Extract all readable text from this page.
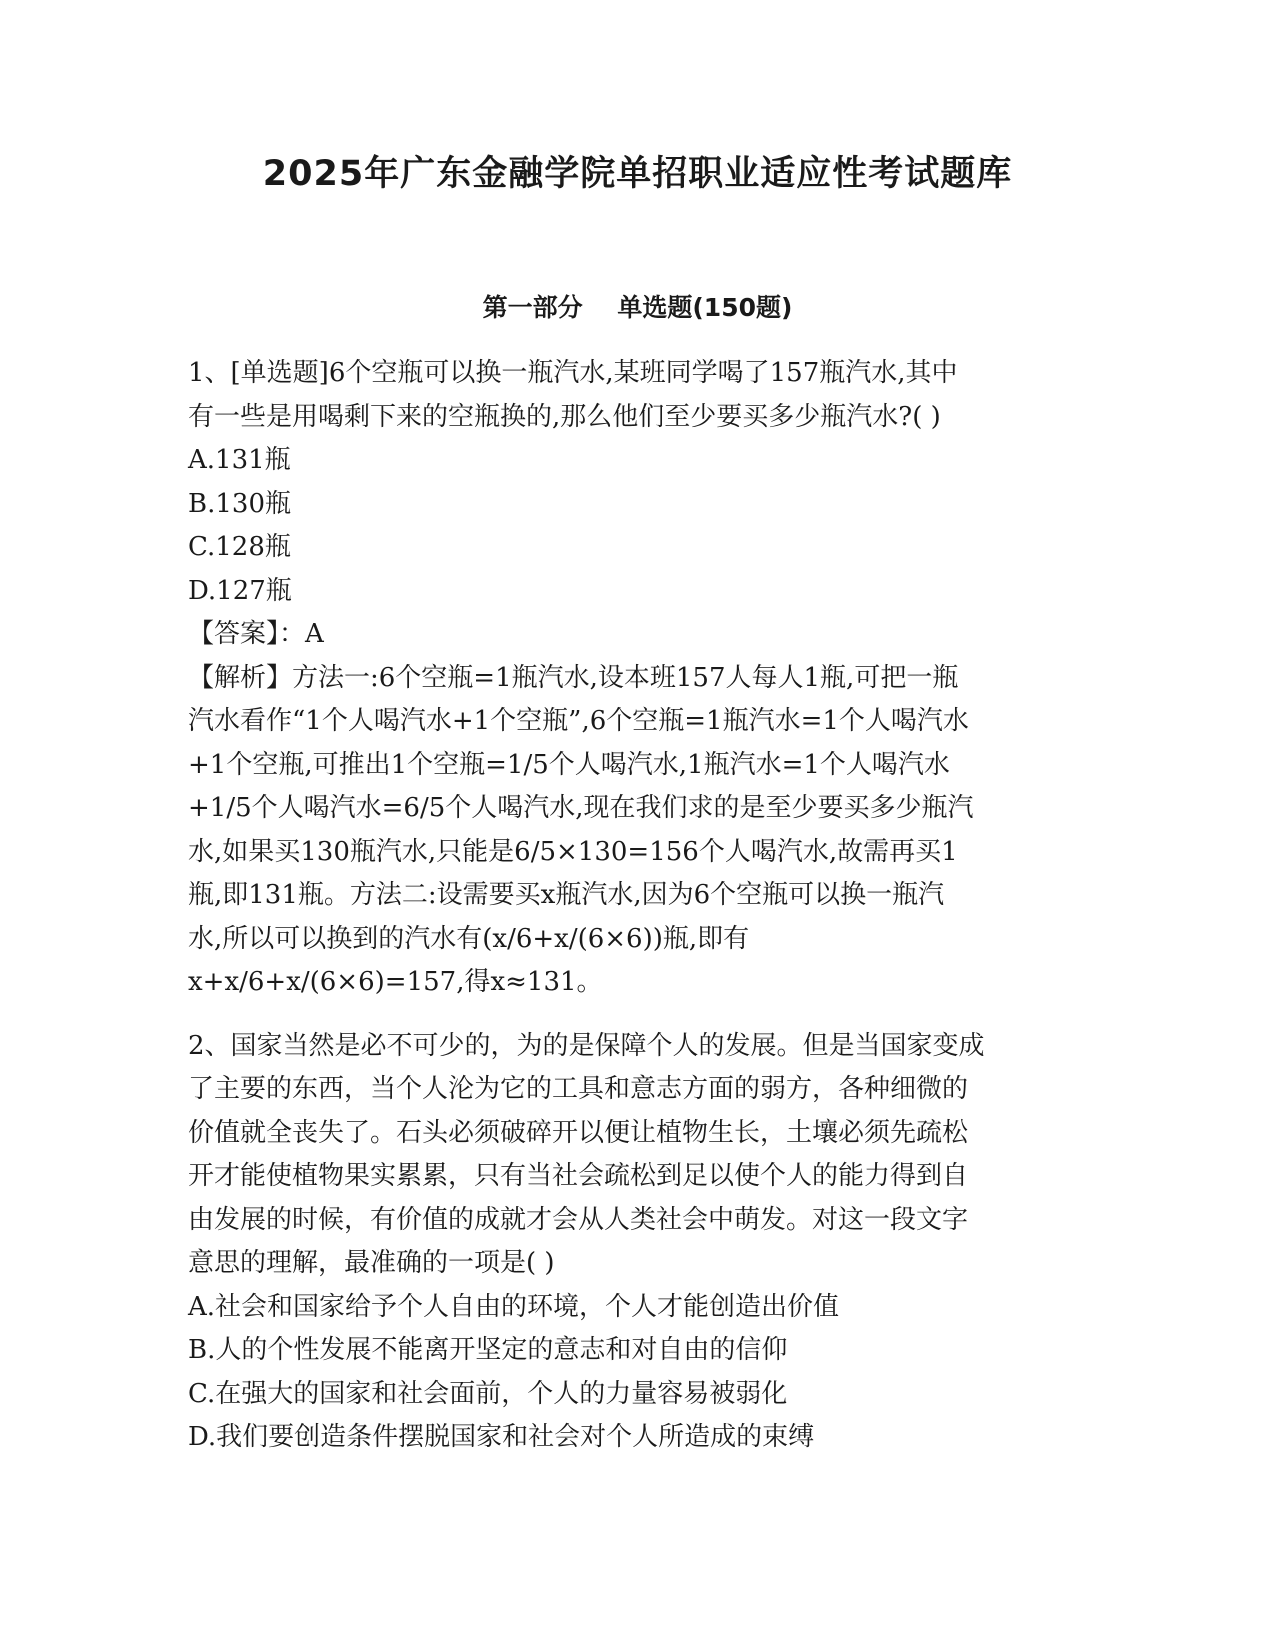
2025年广东金融学院单招职业适应性考试题库
第一部分    单选题(150题)
1、[单选题]6个空瓶可以换一瓶汽水,某班同学喝了157瓶汽水,其中
有一些是用喝剩下来的空瓶换的,那么他们至少要买多少瓶汽水?( )
A.131瓶
B.130瓶
C.128瓶
D.127瓶
【答案】：A
【解析】方法一:6个空瓶=1瓶汽水,设本班157人每人1瓶,可把一瓶
汽水看作“1个人喝汽水+1个空瓶”,6个空瓶=1瓶汽水=1个人喝汽水
+1个空瓶,可推出1个空瓶=1/5个人喝汽水,1瓶汽水=1个人喝汽水
+1/5个人喝汽水=6/5个人喝汽水,现在我们求的是至少要买多少瓶汽
水,如果买130瓶汽水,只能是6/5×130=156个人喝汽水,故需再买1
瓶,即131瓶。方法二:设需要买x瓶汽水,因为6个空瓶可以换一瓶汽
水,所以可以换到的汽水有(x/6+x/(6×6))瓶,即有
x+x/6+x/(6×6)=157,得x≈131。
2、国家当然是必不可少的，为的是保障个人的发展。但是当国家变成
了主要的东西，当个人沦为它的工具和意志方面的弱方，各种细微的
价值就全丧失了。石头必须破碎开以便让植物生长，土壤必须先疏松
开才能使植物果实累累，只有当社会疏松到足以使个人的能力得到自
由发展的时候，有价值的成就才会从人类社会中萌发。对这一段文字
意思的理解，最准确的一项是( )
A.社会和国家给予个人自由的环境，个人才能创造出价值
B.人的个性发展不能离开坚定的意志和对自由的信仰
C.在强大的国家和社会面前，个人的力量容易被弱化
D.我们要创造条件摆脱国家和社会对个人所造成的束缚
